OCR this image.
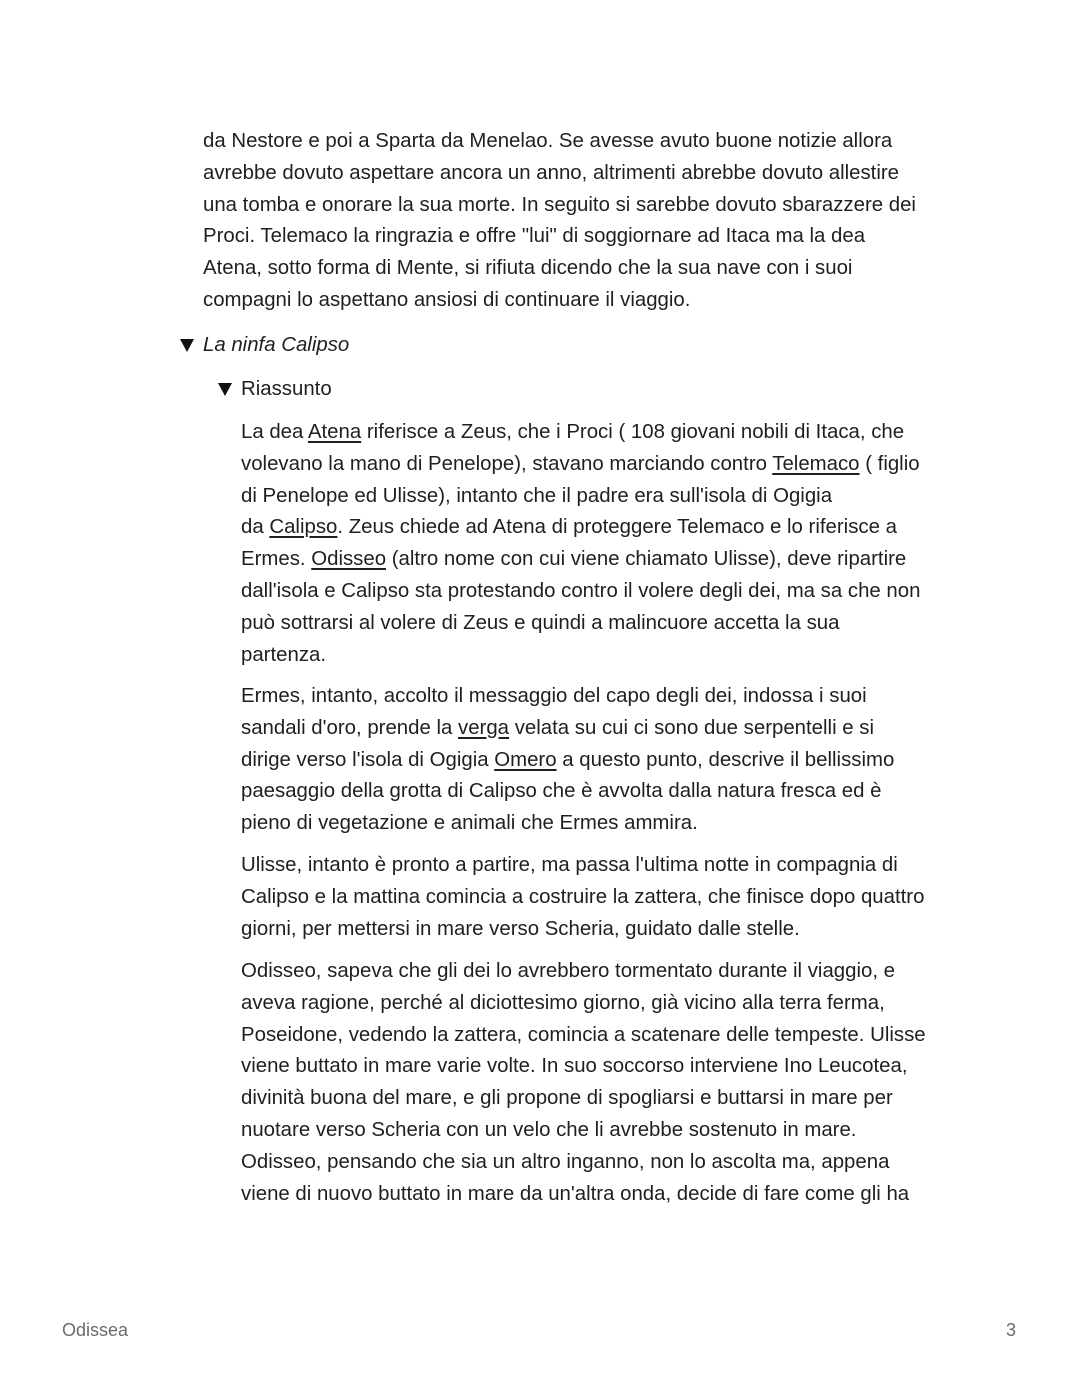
da Nestore e poi a Sparta da Menelao. Se avesse avuto buone notizie allora
avrebbe dovuto aspettare ancora un anno, altrimenti abrebbe dovuto allestire
una tomba e onorare la sua morte. In seguito si sarebbe dovuto sbarazzere dei
Proci. Telemaco la ringrazia e offre "lui" di soggiornare ad Itaca ma la dea
Atena, sotto forma di Mente, si rifiuta dicendo che la sua nave con i suoi
compagni lo aspettano ansiosi di continuare il viaggio.
La ninfa Calipso
Riassunto
La dea Atena riferisce a Zeus, che i Proci ( 108 giovani nobili di Itaca, che
volevano la mano di Penelope), stavano marciando contro Telemaco ( figlio
di Penelope ed Ulisse), intanto che il padre era sull'isola di Ogigia
da Calipso. Zeus chiede ad Atena di proteggere Telemaco e lo riferisce a
Ermes. Odisseo (altro nome con cui viene chiamato Ulisse), deve ripartire
dall'isola e Calipso sta protestando contro il volere degli dei, ma sa che non
può sottrarsi al volere di Zeus e quindi a malincuore accetta la sua
partenza.
Ermes, intanto, accolto il messaggio del capo degli dei, indossa i suoi
sandali d'oro, prende la verga velata su cui ci sono due serpentelli e si
dirige verso l'isola di Ogigia Omero a questo punto, descrive il bellissimo
paesaggio della grotta di Calipso che è avvolta dalla natura fresca ed è
pieno di vegetazione e animali che Ermes ammira.
Ulisse, intanto è pronto a partire, ma passa l'ultima notte in compagnia di
Calipso e la mattina comincia a costruire la zattera, che finisce dopo quattro
giorni, per mettersi in mare verso Scheria, guidato dalle stelle.
Odisseo, sapeva che gli dei lo avrebbero tormentato durante il viaggio, e
aveva ragione, perché al diciottesimo giorno, già vicino alla terra ferma,
Poseidone, vedendo la zattera, comincia a scatenare delle tempeste. Ulisse
viene buttato in mare varie volte. In suo soccorso interviene Ino Leucotea,
divinità buona del mare, e gli propone di spogliarsi e buttarsi in mare per
nuotare verso Scheria con un velo che li avrebbe sostenuto in mare.
Odisseo, pensando che sia un altro inganno, non lo ascolta ma, appena
viene di nuovo buttato in mare da un'altra onda, decide di fare come gli ha
Odissea	3
